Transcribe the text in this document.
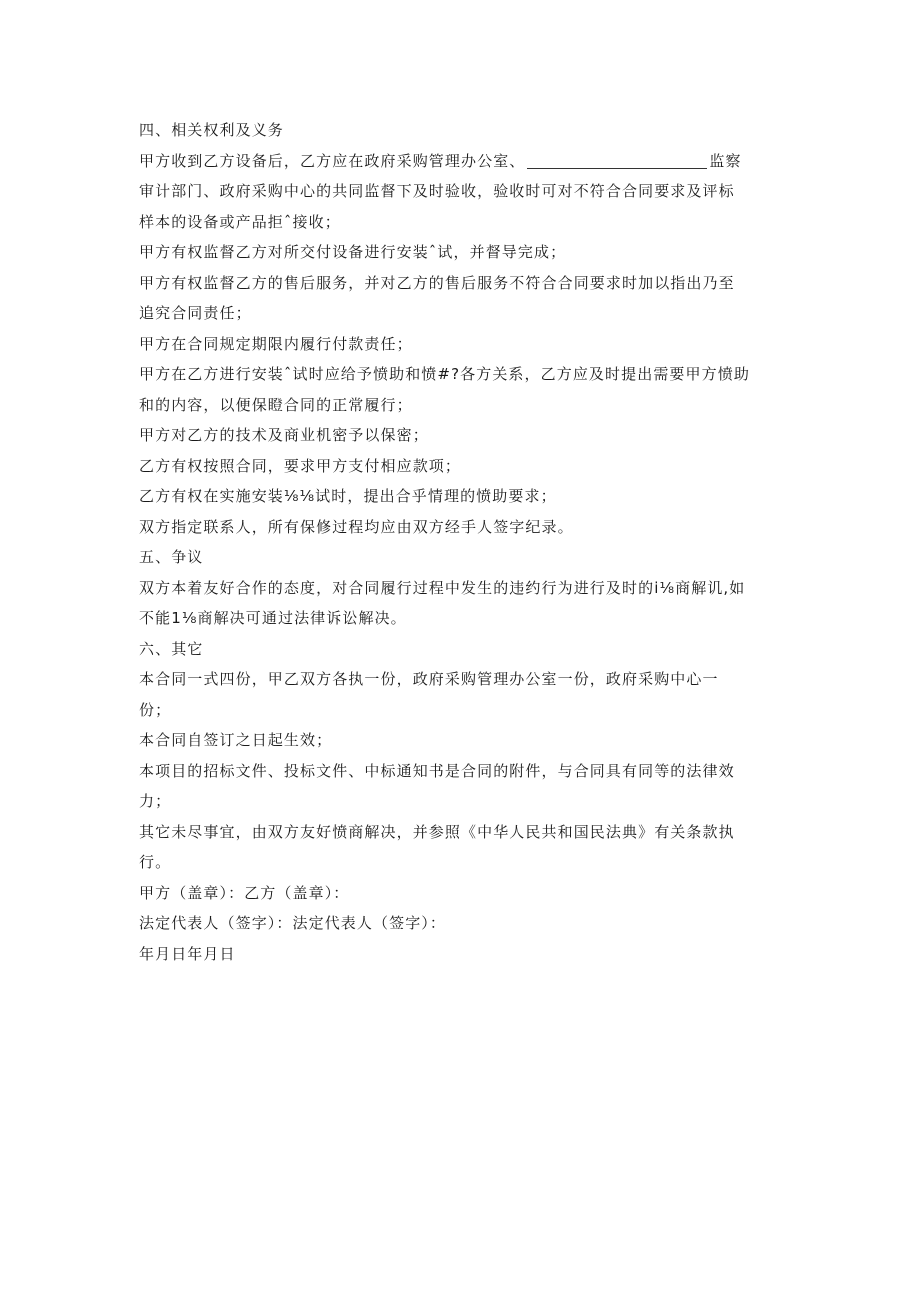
四、相关权利及义务
甲方收到乙方设备后，乙方应在政府采购管理办公室、	监察
审计部门、政府采购中心的共同监督下及时验收，验收时可对不符合合同要求及评标
样本的设备或产品拒ˆ接收；
甲方有权监督乙方对所交付设备进行安装ˆ试，并督导完成；
甲方有权监督乙方的售后服务，并对乙方的售后服务不符合合同要求时加以指出乃至
追究合同责任；
甲方在合同规定期限内履行付款责任；
甲方在乙方进行安装ˆ试时应给予愤助和愤#?各方关系，乙方应及时提出需要甲方愤助
和的内容，以便保瞪合同的正常履行；
甲方对乙方的技术及商业机密予以保密；
乙方有权按照合同，要求甲方支付相应款项；
乙方有权在实施安装⅛⅛试时，提出合乎情理的愤助要求；
双方指定联系人，所有保修过程均应由双方经手人签字纪录。
五、争议
双方本着友好合作的态度，对合同履行过程中发生的违约行为进行及时的i⅛商解讥,如
不能1⅛商解决可通过法律诉讼解决。
六、其它
本合同一式四份，甲乙双方各执一份，政府采购管理办公室一份，政府采购中心一
份；
本合同自签订之日起生效；
本项目的招标文件、投标文件、中标通知书是合同的附件，与合同具有同等的法律效
力；
其它未尽事宜，由双方友好愤商解决，并参照《中华人民共和国民法典》有关条款执
行。
甲方（盖章）：乙方（盖章）：
法定代表人（签字）：法定代表人（签字）：
年月日年月日
